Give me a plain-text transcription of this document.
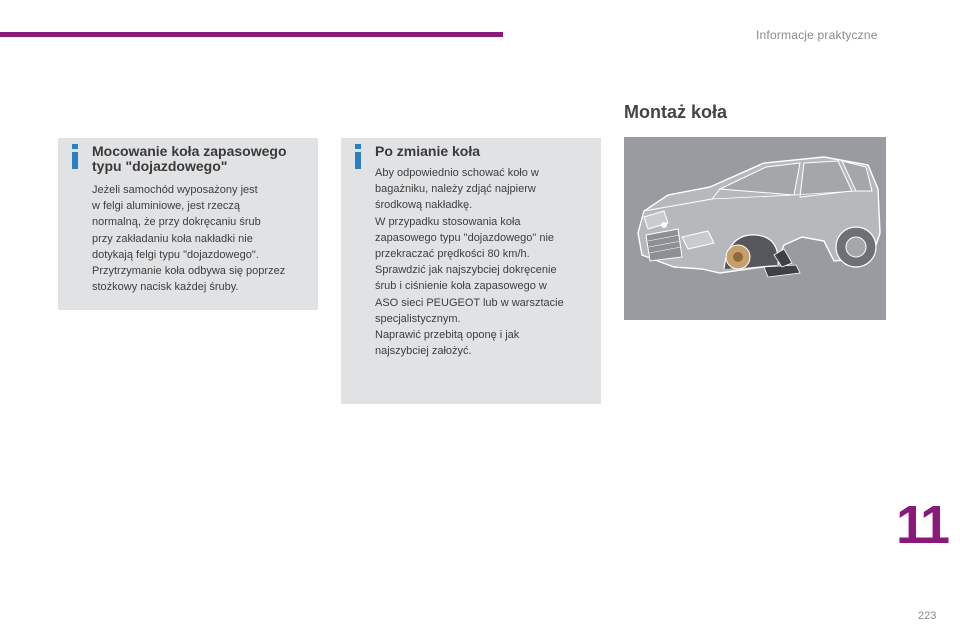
Informacje praktyczne
Montaż koła
Mocowanie koła zapasowego typu "dojazdowego"
Jeżeli samochód wyposażony jest
w felgi aluminiowe, jest rzeczą
normalną, że przy dokręcaniu śrub
przy zakładaniu koła nakładki nie
dotykają felgi typu "dojazdowego".
Przytrzymanie koła odbywa się poprzez
stożkowy nacisk każdej śruby.
Po zmianie koła
Aby odpowiednio schować koło w
bagażniku, należy zdjąć najpierw
środkową nakładkę.
W przypadku stosowania koła
zapasowego typu "dojazdowego" nie
przekraczać prędkości 80 km/h.
Sprawdzić jak najszybciej dokręcenie
śrub i ciśnienie koła zapasowego w
ASO sieci PEUGEOT lub w warsztacie
specjalistycznym.
Naprawić przebitą oponę i jak
najszybciej założyć.
11
223
